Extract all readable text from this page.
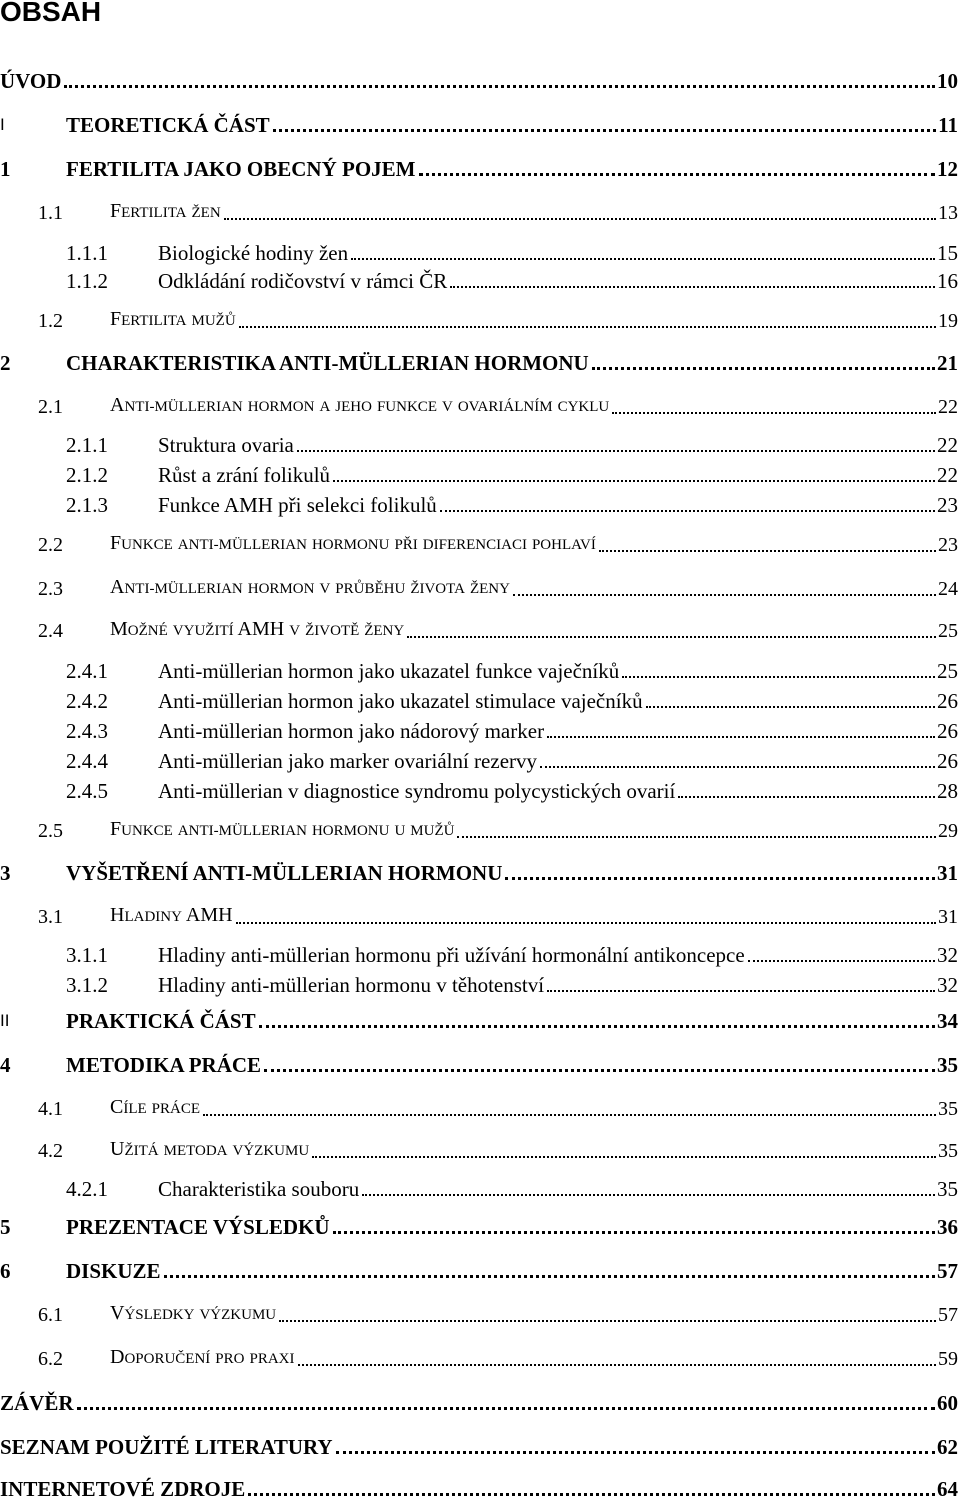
OBSAH
ÚVOD	10
I	TEORETICKÁ ČÁST	11
1	FERTILITA JAKO OBECNÝ POJEM	12
1.1 FERTILITA ŽEN	13
1.1.1 Biologické hodiny žen	15
1.1.2 Odkládání rodičovství v rámci ČR	16
1.2 FERTILITA MUŽŮ	19
2	CHARAKTERISTIKA ANTI-MÜLLERIAN HORMONU	21
2.1 ANTI-MÜLLERIAN HORMON A JEHO FUNKCE V OVARIÁLNÍM CYKLU	22
2.1.1 Struktura ovaria	22
2.1.2 Růst a zrání folikulů	22
2.1.3 Funkce AMH při selekci folikulů	23
2.2 FUNKCE ANTI-MÜLLERIAN HORMONU PŘI DIFERENCIACI POHLAVÍ	23
2.3 ANTI-MÜLLERIAN HORMON V PRŮBĚHU ŽIVOTA ŽENY	24
2.4 MOŽNÉ VYUŽITÍ AMH V ŽIVOTĚ ŽENY	25
2.4.1 Anti-müllerian hormon jako ukazatel funkce vaječníků	25
2.4.2 Anti-müllerian hormon jako ukazatel stimulace vaječníků	26
2.4.3 Anti-müllerian hormon jako nádorový marker	26
2.4.4 Anti-müllerian jako marker ovariální rezervy	26
2.4.5 Anti-müllerian v diagnostice syndromu polycystických ovarií	28
2.5 FUNKCE ANTI-MÜLLERIAN HORMONU U MUŽŮ	29
3	VYŠETŘENÍ ANTI-MÜLLERIAN HORMONU	31
3.1 HLADINY AMH	31
3.1.1 Hladiny anti-müllerian hormonu při užívání hormonální antikoncepce	32
3.1.2 Hladiny anti-müllerian hormonu v těhotenství	32
II	PRAKTICKÁ ČÁST	34
4	METODIKA PRÁCE	35
4.1 CÍLE PRÁCE	35
4.2 UŽITÁ METODA VÝZKUMU	35
4.2.1 Charakteristika souboru	35
5	PREZENTACE VÝSLEDKŮ	36
6	DISKUZE	57
6.1 VÝSLEDKY VÝZKUMU	57
6.2 DOPORUČENÍ PRO PRAXI	59
ZÁVĚR	60
SEZNAM POUŽITÉ LITERATURY	62
INTERNETOVÉ ZDROJE	64
